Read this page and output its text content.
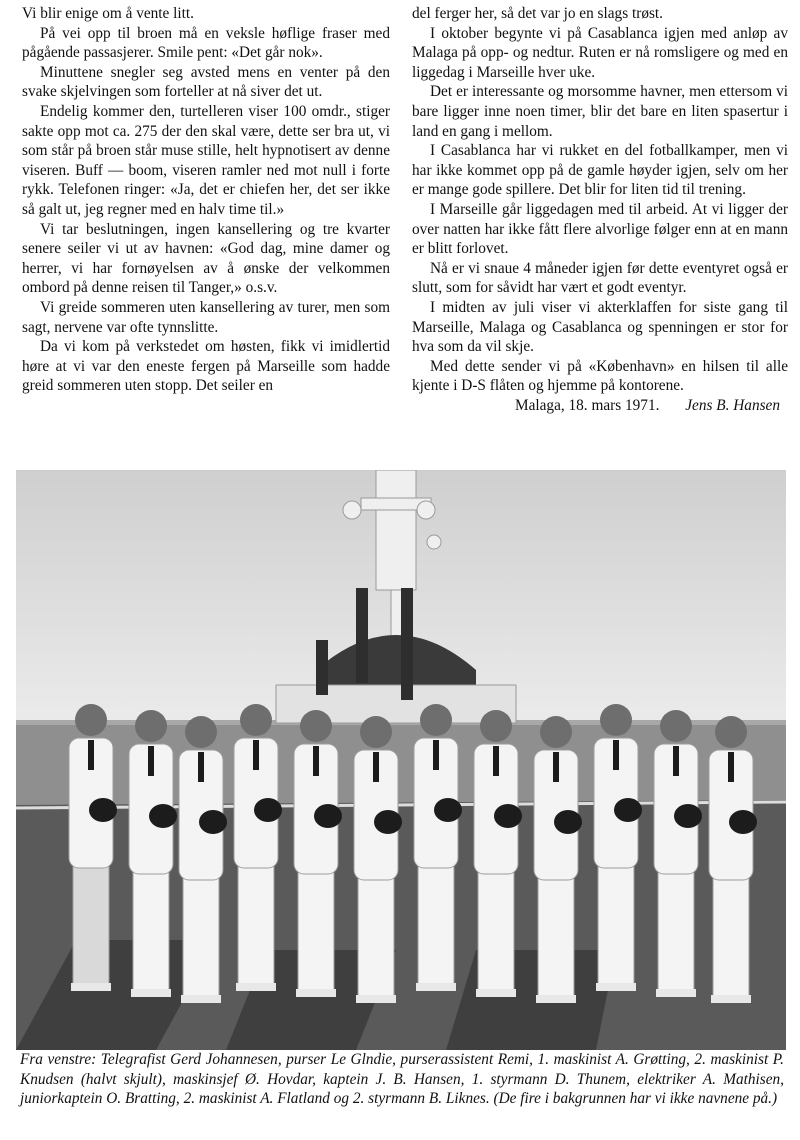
Vi blir enige om å vente litt.

På vei opp til broen må en veksle høflige fraser med pågående passasjerer. Smile pent: «Det går nok».

Minuttene snegler seg avsted mens en venter på den svake skjelvingen som forteller at nå siver det ut.

Endelig kommer den, turtelleren viser 100 omdr., stiger sakte opp mot ca. 275 der den skal være, dette ser bra ut, vi som står på broen står muse stille, helt hypnotisert av denne viseren. Buff — boom, viseren ramler ned mot null i forte rykk. Telefonen ringer: «Ja, det er chiefen her, det ser ikke så galt ut, jeg regner med en halv time til.»

Vi tar beslutningen, ingen kansellering og tre kvarter senere seiler vi ut av havnen: «God dag, mine damer og herrer, vi har fornøyelsen av å ønske der velkommen ombord på denne reisen til Tanger,» o.s.v.

Vi greide sommeren uten kansellering av turer, men som sagt, nervene var ofte tynnslitte.

Da vi kom på verkstedet om høsten, fikk vi imidlertid høre at vi var den eneste fergen på Marseille som hadde greid sommeren uten stopp. Det seiler en

del ferger her, så det var jo en slags trøst.

I oktober begynte vi på Casablanca igjen med anløp av Malaga på opp- og nedtur. Ruten er nå romsligere og med en liggedag i Marseille hver uke.

Det er interessante og morsomme havner, men ettersom vi bare ligger inne noen timer, blir det bare en liten spasertur i land en gang i mellom.

I Casablanca har vi rukket en del fotballkamper, men vi har ikke kommet opp på de gamle høyder igjen, selv om her er mange gode spillere. Det blir for liten tid til trening.

I Marseille går liggedagen med til arbeid. At vi ligger der over natten har ikke fått flere alvorlige følger enn at en mann er blitt forlovet.

Nå er vi snaue 4 måneder igjen før dette eventyret også er slutt, som for såvidt har vært et godt eventyr.

I midten av juli viser vi akterklaffen for siste gang til Marseille, Malaga og Casablanca og spenningen er stor for hva som da vil skje.

Med dette sender vi på «København» en hilsen til alle kjente i D-S flåten og hjemme på kontorene.

Malaga, 18. mars 1971. Jens B. Hansen

Fra venstre: Telegrafist Gerd Johannesen, purser Le Glndie, purserassistent Remi, 1. maskinist A. Grøtting, 2. maskinist P. Knudsen (halvt skjult), maskinsjef Ø. Hovdar, kaptein J. B. Hansen, 1. styrmann D. Thunem, elektriker A. Mathisen, juniorkaptein O. Bratting, 2. maskinist A. Flatland og 2. styrmann B. Liknes. (De fire i bakgrunnen har vi ikke navnene på.)
